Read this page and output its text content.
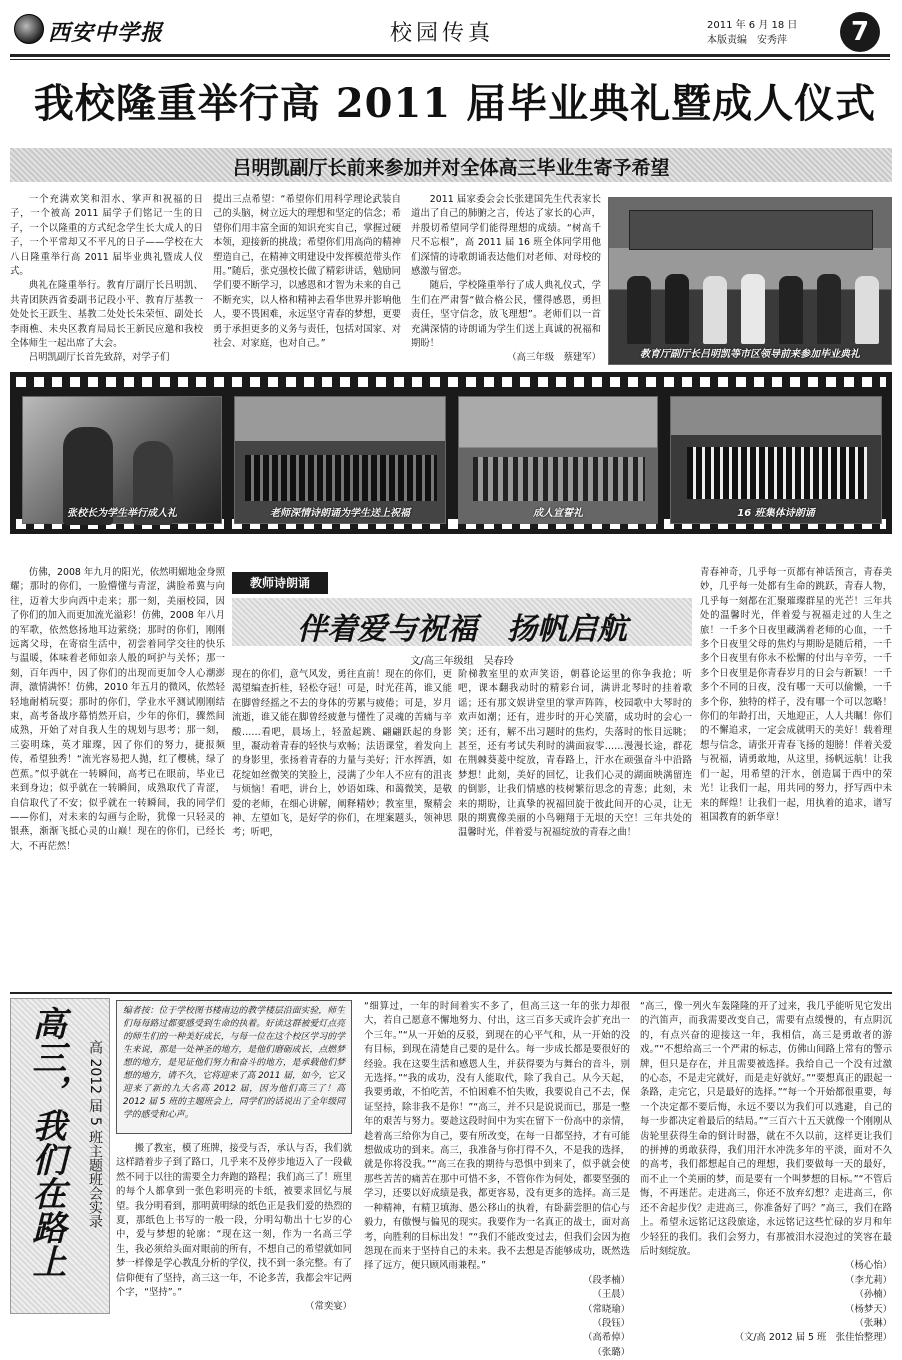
西安中学报	校园传真	2011 年 6 月 18 日
本版责编　安秀萍	7
我校隆重举行高 2011 届毕业典礼暨成人仪式
吕明凯副厅长前来参加并对全体高三毕业生寄予希望

一个充满欢笑和泪水、掌声和祝福的日子，一个被高 2011 届学子们铭记一生的日子，一个以隆重的方式纪念学生长大成人的日子，一个平常却又不平凡的日子——学校在大八日隆重举行高 2011 届毕业典礼暨成人仪式。

典礼在隆重举行。教育厅副厅长吕明凯、共青团陕西省委副书记段小平、教育厅基教一处处长王跃生、基教二处处长朱荣恒、副处长李雨樵、未央区教育局局长王新民应邀和我校全体师生一起出席了大会。

吕明凯副厅长首先致辞，对学子们

提出三点希望：“希望你们用科学理论武装自己的头脑，树立远大的理想和坚定的信念；希望你们用丰富全面的知识充实自己，掌握过硬本领，迎接新的挑战；希望你们用高尚的精神塑造自己，在精神文明建设中发挥模范带头作用。”随后，张克强校长做了精彩讲话，勉励同学们要不断学习，以感恩和才智为未来的自己不断充实，以人格和精神去看华世界并影响他人，要不畏困难，永远坚守青春的梦想，更要勇于承担更多的义务与责任，包括对国家、对社会、对家庭，也对自己。”

2011 届家委会会长张建国先生代表家长道出了自己的肺腑之言，传达了家长的心声，并殷切希望同学们能得理想的成绩。“树高千尺不忘根”，高 2011 届 16 班全体同学用他们深情的诗歌朗诵表达他们对老师、对母校的感激与留恋。

随后，学校隆重举行了成人典礼仪式，学生们在严肃誓“做合格公民，懂得感恩，勇担责任，坚守信念，放飞理想”。老师们以一首充满深情的诗朗诵为学生们送上真诚的祝福和期盼！

（高三年级　蔡建军）	教育厅副厅长吕明凯等市区领导前来参加毕业典礼
张校长为学生举行成人礼	老师深情诗朗诵为学生送上祝福	成人宣誓礼	16 班集体诗朗诵

仿佛，2008 年九月的阳光，依然明媚地金身照耀；那时的你们，一脸懵懂与青涩，满脸希冀与向往，迈着大步向西中走来；那一刻，美丽校园，因了你们的加入而更加流光溢彩！仿佛，2008 年八月的军歌，依然悠扬地耳边萦绕；那时的你们，刚刚远离父母，在寄宿生活中，初尝着同学交往的快乐与温暖，体味着老师如亲人般的呵护与关怀；那一刻，百年西中，因了你们的出现而更加令人心潮澎湃，激情满怀！仿佛，2010 年五月的微风，依然轻轻地耐梢玩耍；那时的你们，学业水平测试刚刚结束，高考备战序幕悄然开启，少年的你们，骤然间成熟，开始了对自我人生的规划与思考；那一刻，三姿明珠，英才璀璨，因了你们的努力，捷报频传，希望独秀！“流光容易把人抛，红了樱桃，绿了芭蕉。”似乎就在一转瞬间，高考已在眼前，毕业已来到身边；似乎就在一转瞬间，成熟取代了青涩，自信取代了不安；似乎就在一转瞬间，我的同学们——你们，对未来的勾画与企盼，犹像一只轻灵的银燕，渐渐飞抵心灵的山巅！现在的你们，已经长大，不再茫然！

教师诗朗诵
伴着爱与祝福　扬帆启航
文/高三年级组　吴春玲

现在的你们，意气风发，勇往直前！现在的你们，更渴望编查折桂，轻松夺冠！可是，时光荏苒，谁又能在脚曾经摇之不去的身体的劳累与疲倦；可是，岁月流逝，谁又能在脚曾经疲惫与懂性了灵魂的苦痛与辛酸……看吧，晨场上，轻盈起跳、翩翩跃起的身影里，凝动着青春的轻快与欢畅；法语课堂，着发向上的身影里，张扬着青春的力量与美好；汗水挥洒，如花绽如丝微笑的笑脸上，浸满了少年人不应有的沮丧与烦恼！看吧，讲台上，妙语如珠、和蔼微笑，是敬爱的老师，在细心讲解，阐释精妙；教室里，聚精会神、左望如飞，是好学的你们，在埋案题头，领神思考；听吧，

阶梯教室里的欢声笑语，朝暮论运里的你争我抢；听吧，课本翻我动时的精彩台词，满讲北琴时的挂着歌谣；还有那文娱讲堂里的掌声阵阵，校园歌中大琴时的欢声如潮；还有，进步时的开心笑靥，成功时的会心一笑；还有，解不出习题时的焦灼，失落时的怅目远眺；甚至，还有考试失利时的满面寂零……漫漫长途，群花在荆棘葵菱中绽放，青春路上，汗水在顽强奋斗中沿路梦想！此刻，美好的回忆，让我们心灵的湖面映满留连的倒影，让我们情感的枝树繁衍思念的青葱；此刻，未来的期盼，让真挚的祝福回旋于彼此间开的心灵，让无限的期冀像美丽的小鸟翱翔于无垠的天空！三年共处的温馨时光，伴着爱与祝福绽放的青春之曲！

青春神奇，几乎每一页都有神话预言，青春美妙，几乎每一处都有生命的跳跃，青春人物，几乎每一刻都在汇聚璀璨群星的光芒！三年共处的温馨时光，伴着爱与祝福走过的人生之旅！一千多个日夜里藏满着老师的心血，一千多个日夜里父母的焦灼与期盼是随后稍，一千多个日夜里有你永不松懈的付出与辛劳，一千多个日夜里是你青春岁月的日会与新颖！一千多个不同的日夜，没有哪一天可以偷懒，一千多个你，独特的样子，没有哪一个可以忽略！你们的年龄打出，天地迎正，人人共瞩！你们的不懈追求，一定会成就明天的美好！载着理想与信念，请张开青春飞扬的翅膀！伴着关爱与祝福，请勇敢地，从这里，扬帆远航！让我们一起，用希望的汗水，创造属于西中的荣光！让我们一起，用共同的努力，抒写西中未来的辉煌！让我们一起，用执着的追求，谱写祖国教育的新华章！

高三，我们在路上	高 2012 届 5 班主题班会实录
编者按：位于学校图书楼南边的教学楼层沿面实验，师生们每每路过都要感受到生命的执着。好读这群被爱灯点亮的师生们的一种美好成长，与每一位在这个校区学习的学生来说，那是一处神圣的地方，是他们磨砺成长，点燃梦想的地方，是见证他们努力和奋斗的地方，是承载他们梦想的地方，请不久，它将迎来了高 2011 届，如今，它又迎来了新的九大名高 2012 届，因为他们高三了！高 2012 届 5 班的主题班会上，同学们的话说出了全年级同学的感受和心声。

搬了教室，模了班牌，接受与否，承认与否，我们就这样踏着步子到了路口，几乎来不及停步地迈入了一段截然不同于以往的需要全力奔跑的路程；我们高三了！班里的每个人都拿到一张色彩明亮的卡纸，被要求回忆与展望。我分明看到，那明黄明绿的纸色正是我们爱的热烈的夏，那纸色上书写的一般一段，分明勾勒出十七岁的心中，爱与梦想的轮廓：“现在这一刻，作为一名高三学生，我必须给头面对眼前的所有，不想自己的希望就如同梦一样像是学心教乱分析的学仪，找不到一条完整。有了信仰便有了坚持，高三这一年，不论多苦，我都会牢记两个字，“坚持”。”

（常奕宴）

“细算过，一年的时间着实不多了，但高三这一年的张力却很大，若自己愿意不懈地努力、付出，这三百多天或许会扩充出一个三年。”“从一开始的反驳，到现在的心平气和，从一开始的没有目标，到现在清楚自己要的是什么。每一步成长都是要很好的经验。我在这要生活和感恩人生，并获得要为与舞台的音斗，别无选择。”“我的成功，没有人能取代，除了我自己。从今天起，我要勇敢，不怕吃苦，不怕困难不怕失败，我要说自己不去，保证坚持，除非我不是你！”“高三，并不只是说说而已，那是一整年的艰苦与努力。要趁这段时间中为实在留下一份高中的亲情，趁着高三给你为自己，要有所改变，在每一日都坚持，才有可能想做成功的到来。高三，我准备与你打得不久，不是我的选择，就是你将没我。”“高三在我的期待与恐惧中到来了，似乎就会使那些苦苦的痛苦在那中可惜不多，不管你作为何处，都要坚强的学习，还要以好成绩是我，都更容易，没有更多的选择。高三是一种精神，有精卫填海、愚公移山的执着，有卧薪尝胆的信心与毅力，有傲慢与偏见的现实。我要作为一名真正的战士，面对高考，向胜利的目标出发！”“我们不能改变过去，但我们会因为抱怨现在而来于坚持自己的未来。我不去想是否能够成功，既然选择了远方，便只顾风雨兼程。”

（段孝楠）
（王晨）
（常晓瑜）
（段钰）
（高希倬）
（张璐）

“高三，像一列火车轰隆隆的开了过来，我几乎能听见它发出的汽笛声，而我需要改变自己，需要有点缓慢的，有点阴沉的，有点兴奋的迎接这一年，我相信，高三是勇敢者的游戏。”“不想给高三一个严肃的标志，仿佛山间路上常有的警示牌，但只是存在，并且需要被选择。我给自己一个没有过激的心态，不是走完就好，而是走好就好。”“要想真正的跟起一条路，走完它，只是最好的选择。”“每一个开始都很重要，每一个决定都不要后悔，永远不要以为我们可以逃避，自己的每一步都决定着最后的结局。”“三百六十五天就像一个刚刚从齿轮里获得生命的倒计时器，就在不久以前，这样更让我们的拼搏的勇敢获得，我们用汗水冲洗多年的平淡，面对不久的高考，我们都想起自己的理想，我们要做每一天的最好，而不止一个美丽的梦，而是要有一个叫梦想的目标。”“不管后悔，不再迷茫。走进高三，你还不放弃幻想？走进高三，你还不舍起步伐？走进高三，你准备好了吗？”高三，我们在路上。希望永远铭记这段旅途，永远铭记这些忙碌的岁月和年少轻狂的我们。我们会努力，有那被泪水浸泡过的笑容在最后时刻绽放。

（杨心怡）
（李尤莉）
（孙楠）
（杨梦天）
（张琳）
（文/高 2012 届 5 班　张佳怡整理）
